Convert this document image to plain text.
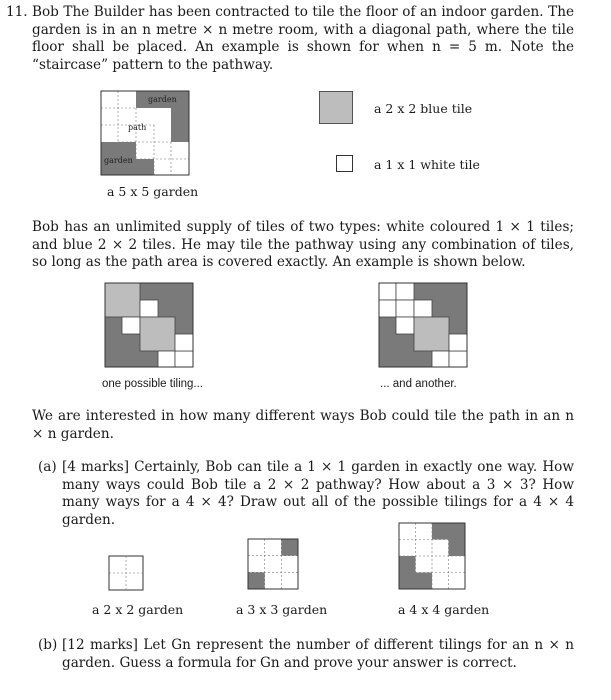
11. Bob The Builder has been contracted to tile the floor of an indoor garden. The garden is in an n metre × n metre room, with a diagonal path, where the tile floor shall be placed. An example is shown for when n = 5 m. Note the “staircase” pattern to the pathway.
garden
path
garden
a 5 x 5 garden
a 2 x 2 blue tile
a 1 x 1 white tile
Bob has an unlimited supply of tiles of two types: white coloured 1 × 1 tiles; and blue 2 × 2 tiles. He may tile the pathway using any combination of tiles, so long as the path area is covered exactly. An example is shown below.
one possible tiling...	... and another.
We are interested in how many different ways Bob could tile the path in an n × n garden.
(a) [4 marks] Certainly, Bob can tile a 1 × 1 garden in exactly one way. How many ways could Bob tile a 2 × 2 pathway? How about a 3 × 3? How many ways for a 4 × 4? Draw out all of the possible tilings for a 4 × 4 garden.
a 2 x 2 garden	a 3 x 3 garden	a 4 x 4 garden
(b) [12 marks] Let Gn represent the number of different tilings for an n × n garden. Guess a formula for Gn and prove your answer is correct.
